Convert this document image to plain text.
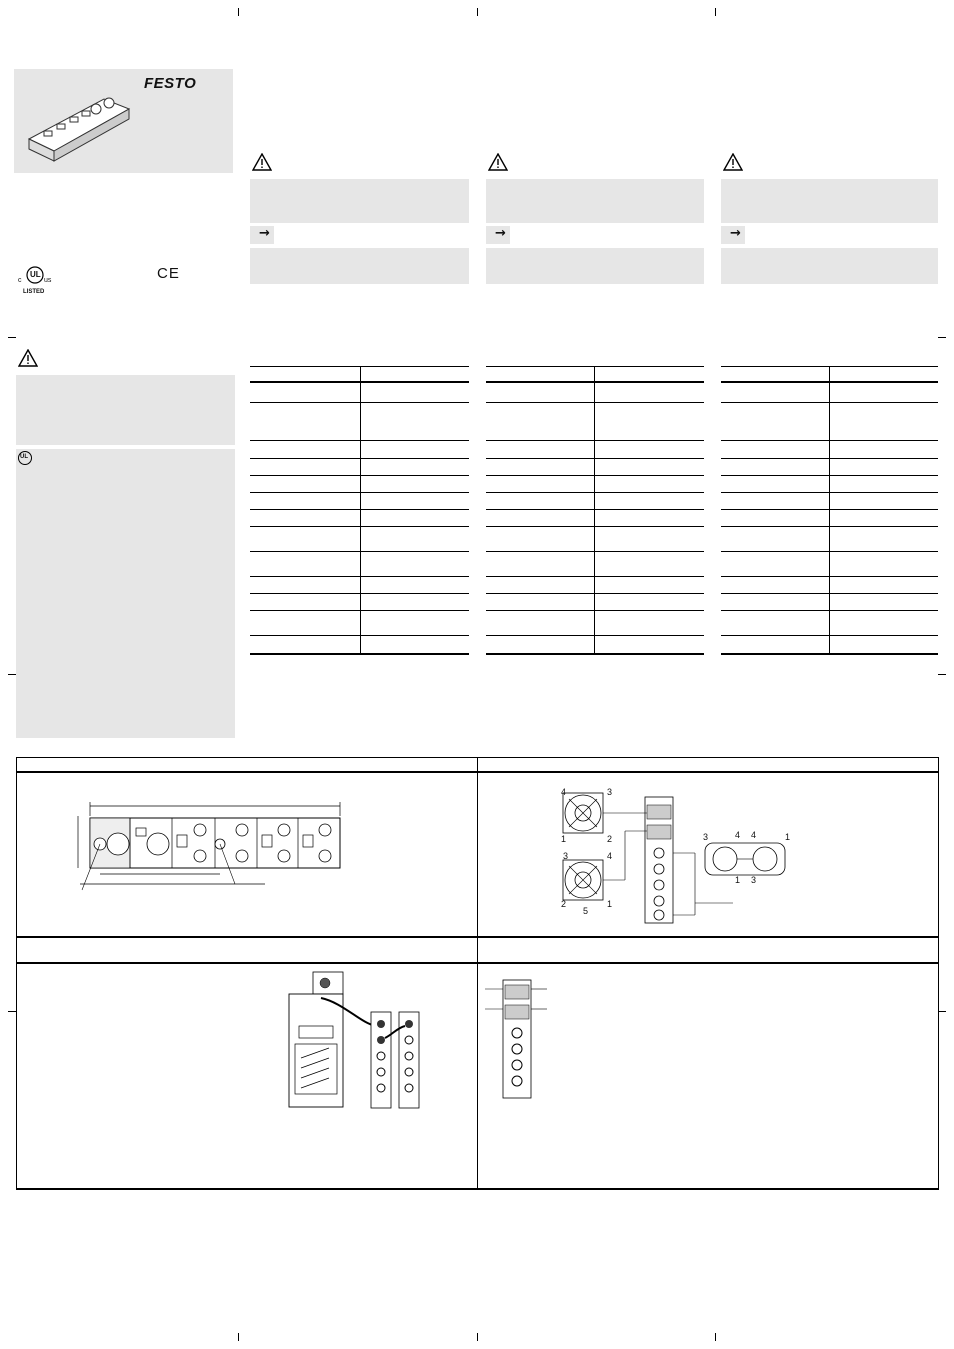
FESTO
c
UL
us
LISTED
CE
UL
→	→	→
4	3
1	2
3	4
2
5
1
3	4 4	1
1 3
